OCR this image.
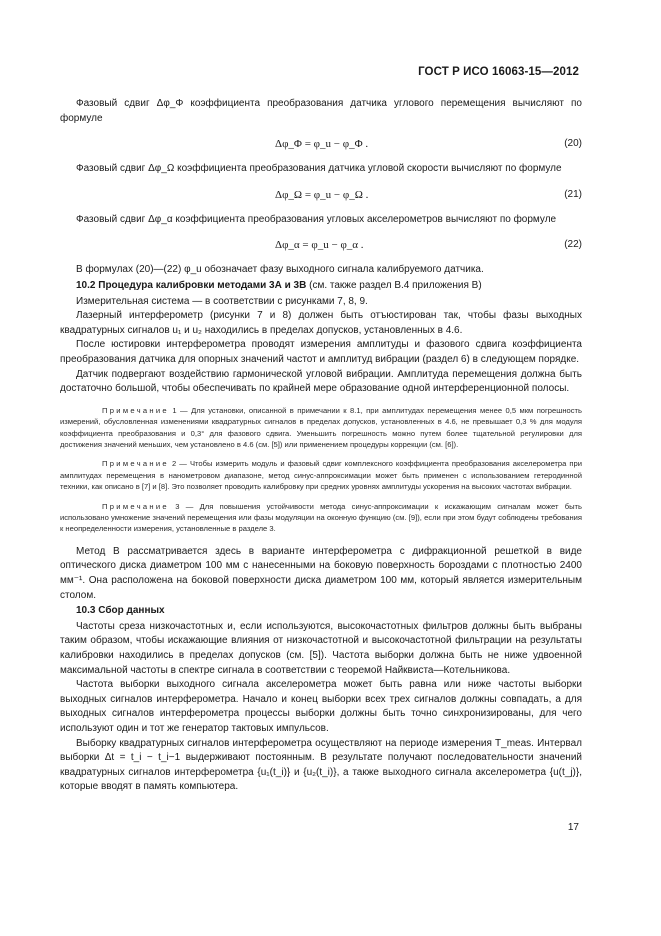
ГОСТ Р ИСО 16063-15—2012

Фазовый сдвиг Δφ_Φ коэффициента преобразования датчика углового перемещения вычисляют по формуле

Δφ_Φ = φ_u − φ_Φ .	(20)

Фазовый сдвиг Δφ_Ω коэффициента преобразования датчика угловой скорости вычисляют по формуле

Δφ_Ω = φ_u − φ_Ω .	(21)

Фазовый сдвиг Δφ_α коэффициента преобразования угловых акселерометров вычисляют по формуле

Δφ_α = φ_u − φ_α .	(22)

В формулах (20)—(22) φ_u обозначает фазу выходного сигнала калибруемого датчика.

10.2 Процедура калибровки методами 3А и 3В (см. также раздел В.4 приложения В)

Измерительная система — в соответствии с рисунками 7, 8, 9.

Лазерный интерферометр (рисунки 7 и 8) должен быть отъюстирован так, чтобы фазы выходных квадратурных сигналов u₁ и u₂ находились в пределах допусков, установленных в 4.6.

После юстировки интерферометра проводят измерения амплитуды и фазового сдвига коэффициента преобразования датчика для опорных значений частот и амплитуд вибрации (раздел 6) в следующем порядке.

Датчик подвергают воздействию гармонической угловой вибрации. Амплитуда перемещения должна быть достаточно большой, чтобы обеспечивать по крайней мере образование одной интерференционной полосы.

Примечание 1 — Для установки, описанной в примечании к 8.1, при амплитудах перемещения менее 0,5 мкм погрешность измерений, обусловленная изменениями квадратурных сигналов в пределах допусков, установленных в 4.6, не превышает 0,3 % для модуля коэффициента преобразования и 0,3° для фазового сдвига. Уменьшить погрешность можно путем более тщательной регулировки для достижения значений меньших, чем установлено в 4.6 (см. [5]) или применением процедуры коррекции (см. [6]).

Примечание 2 — Чтобы измерить модуль и фазовый сдвиг комплексного коэффициента преобразования акселерометра при амплитудах перемещения в нанометровом диапазоне, метод синус-аппроксимации может быть применен с использованием гетеродинной техники, как описано в [7] и [8]. Это позволяет проводить калибровку при средних уровнях амплитуды ускорения на высоких частотах вибрации.

Примечание 3 — Для повышения устойчивости метода синус-аппроксимации к искажающим сигналам может быть использовано умножение значений перемещения или фазы модуляции на оконную функцию (см. [9]), если при этом будут соблюдены требования к неопределенности измерения, установленные в разделе 3.

Метод В рассматривается здесь в варианте интерферометра с дифракционной решеткой в виде оптического диска диаметром 100 мм с нанесенными на боковую поверхность бороздами с плотностью 2400 мм⁻¹. Она расположена на боковой поверхности диска диаметром 100 мм, который является измерительным столом.

10.3 Сбор данных

Частоты среза низкочастотных и, если используются, высокочастотных фильтров должны быть выбраны таким образом, чтобы искажающие влияния от низкочастотной и высокочастотной фильтрации на результаты калибровки находились в пределах допусков (см. [5]). Частота выборки должна быть не ниже удвоенной максимальной частоты в спектре сигнала в соответствии с теоремой Найквиста—Котельникова.

Частота выборки выходного сигнала акселерометра может быть равна или ниже частоты выборки выходных сигналов интерферометра. Начало и конец выборки всех трех сигналов должны совпадать, а для выходных сигналов интерферометра процессы выборки должны быть точно синхронизированы, для чего используют один и тот же генератор тактовых импульсов.

Выборку квадратурных сигналов интерферометра осуществляют на периоде измерения T_meas. Интервал выборки Δt = t_i − t_i−1 выдерживают постоянным. В результате получают последовательности значений квадратурных сигналов интерферометра {u₁(t_i)} и {u₂(t_i)}, а также выходного сигнала акселерометра {u(t_j)}, которые вводят в память компьютера.

17
